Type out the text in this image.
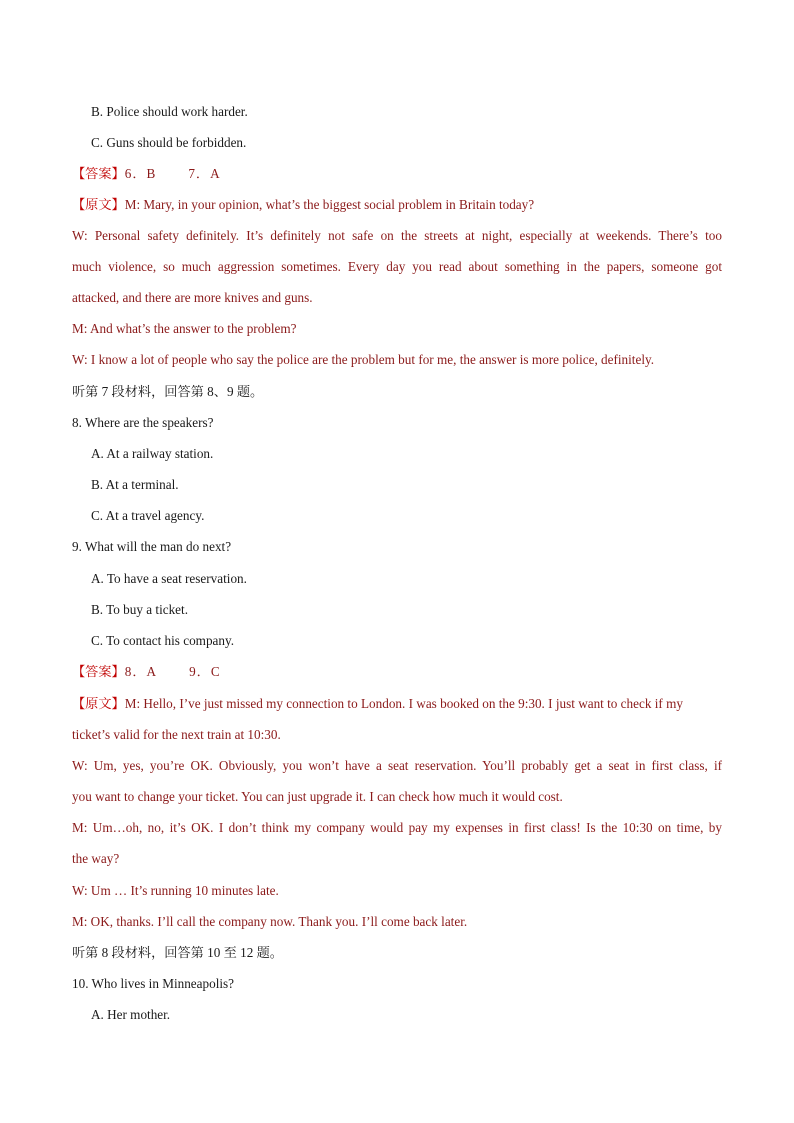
B. Police should work harder.
C. Guns should be forbidden.
【答案】6．B 7．A
【原文】M: Mary, in your opinion, what’s the biggest social problem in Britain today?
W: Personal safety definitely. It’s definitely not safe on the streets at night, especially at weekends. There’s too
much violence, so much aggression sometimes. Every day you read about something in the papers, someone got
attacked, and there are more knives and guns.
M: And what’s the answer to the problem?
W: I know a lot of people who say the police are the problem but for me, the answer is more police, definitely.
听第 7 段材料，回答第 8、9 题。
8. Where are the speakers?
A. At a railway station.
B. At a terminal.
C. At a travel agency.
9. What will the man do next?
A. To have a seat reservation.
B. To buy a ticket.
C. To contact his company.
【答案】8．A 9．C
【原文】M: Hello, I’ve just missed my connection to London. I was booked on the 9:30. I just want to check if my
ticket’s valid for the next train at 10:30.
W: Um, yes, you’re OK. Obviously, you won’t have a seat reservation. You’ll probably get a seat in first class, if
you want to change your ticket. You can just upgrade it. I can check how much it would cost.
M: Um…oh, no, it’s OK. I don’t think my company would pay my expenses in first class! Is the 10:30 on time, by
the way?
W: Um … It’s running 10 minutes late.
M: OK, thanks. I’ll call the company now. Thank you. I’ll come back later.
听第 8 段材料，回答第 10 至 12 题。
10. Who lives in Minneapolis?
A. Her mother.
